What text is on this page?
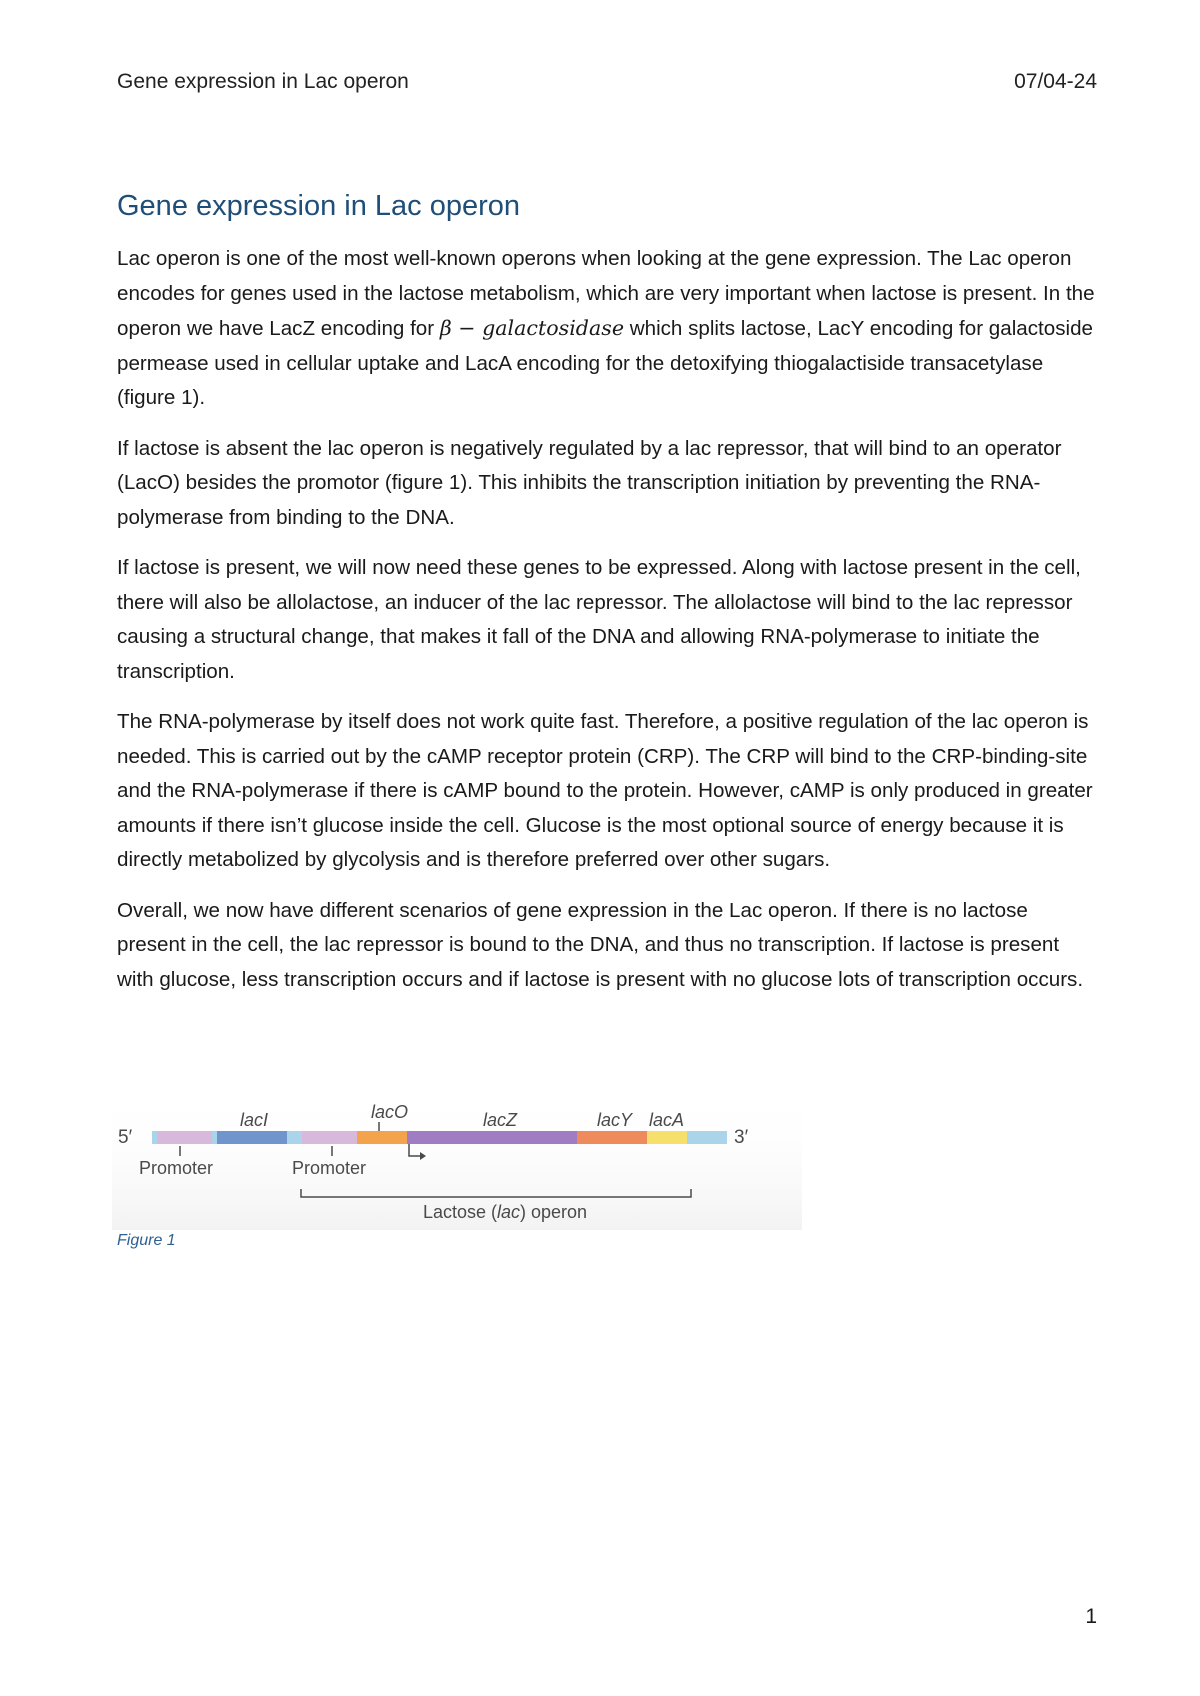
Gene expression in Lac operon	07/04-24
Gene expression in Lac operon

Lac operon is one of the most well-known operons when looking at the gene expression. The Lac operon encodes for genes used in the lactose metabolism, which are very important when lactose is present. In the operon we have LacZ encoding for β − galactosidase which splits lactose, LacY encoding for galactoside permease used in cellular uptake and LacA encoding for the detoxifying thiogalactiside transacetylase (figure 1).

If lactose is absent the lac operon is negatively regulated by a lac repressor, that will bind to an operator (LacO) besides the promotor (figure 1). This inhibits the transcription initiation by preventing the RNA-polymerase from binding to the DNA.

If lactose is present, we will now need these genes to be expressed. Along with lactose present in the cell, there will also be allolactose, an inducer of the lac repressor. The allolactose will bind to the lac repressor causing a structural change, that makes it fall of the DNA and allowing RNA-polymerase to initiate the transcription.

The RNA-polymerase by itself does not work quite fast. Therefore, a positive regulation of the lac operon is needed. This is carried out by the cAMP receptor protein (CRP). The CRP will bind to the CRP-binding-site and the RNA-polymerase if there is cAMP bound to the protein. However, cAMP is only produced in greater amounts if there isn’t glucose inside the cell. Glucose is the most optional source of energy because it is directly metabolized by glycolysis and is therefore preferred over other sugars.

Overall, we now have different scenarios of gene expression in the Lac operon. If there is no lactose present in the cell, the lac repressor is bound to the DNA, and thus no transcription. If lactose is present with glucose, less transcription occurs and if lactose is present with no glucose lots of transcription occurs.

5′	3′
lacI	lacO	lacZ	lacY lacA
Promoter	Promoter
Lactose (lac) operon
Figure 1
1
